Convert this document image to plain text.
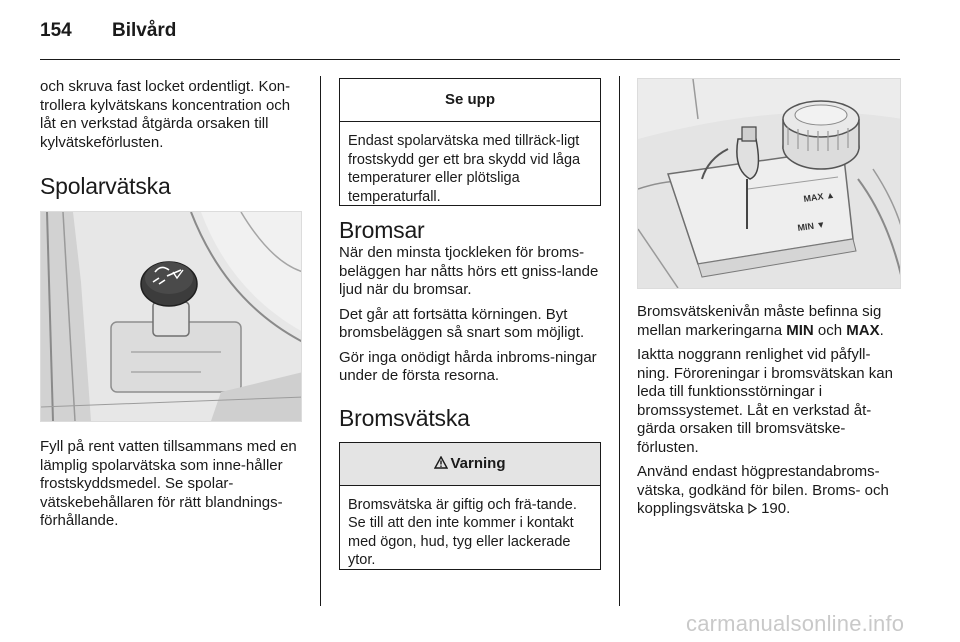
154 Bilvård

och skruva fast locket ordentligt. Kon-trollera kylvätskans koncentration och låt en verkstad åtgärda orsaken till kylvätskeförlusten.

Spolarvätska

Fyll på rent vatten tillsammans med en lämplig spolarvätska som inne-håller frostskyddsmedel. Se spolar-vätskebehållaren för rätt blandnings-förhållande.

Se upp

Endast spolarvätska med tillräck-ligt frostskydd ger ett bra skydd vid låga temperaturer eller plötsliga temperaturfall.

Bromsar

När den minsta tjockleken för broms-beläggen har nåtts hörs ett gniss-lande ljud när du bromsar.

Det går att fortsätta körningen. Byt bromsbeläggen så snart som möjligt.

Gör inga onödigt hårda inbroms-ningar under de första resorna.

Bromsvätska
Varning

Bromsvätska är giftig och frä-tande. Se till att den inte kommer i kontakt med ögon, hud, tyg eller lackerade ytor.

MAX ▲
MIN ▼

Bromsvätskenivån måste befinna sig mellan markeringarna MIN och MAX.

Iaktta noggrann renlighet vid påfyll-ning. Föroreningar i bromsvätskan kan leda till funktionsstörningar i bromssystemet. Låt en verkstad åt-gärda orsaken till bromsvätske-förlusten.

Använd endast högprestandabroms-vätska, godkänd för bilen. Broms- och kopplingsvätska  190.

carmanualsonline.info
